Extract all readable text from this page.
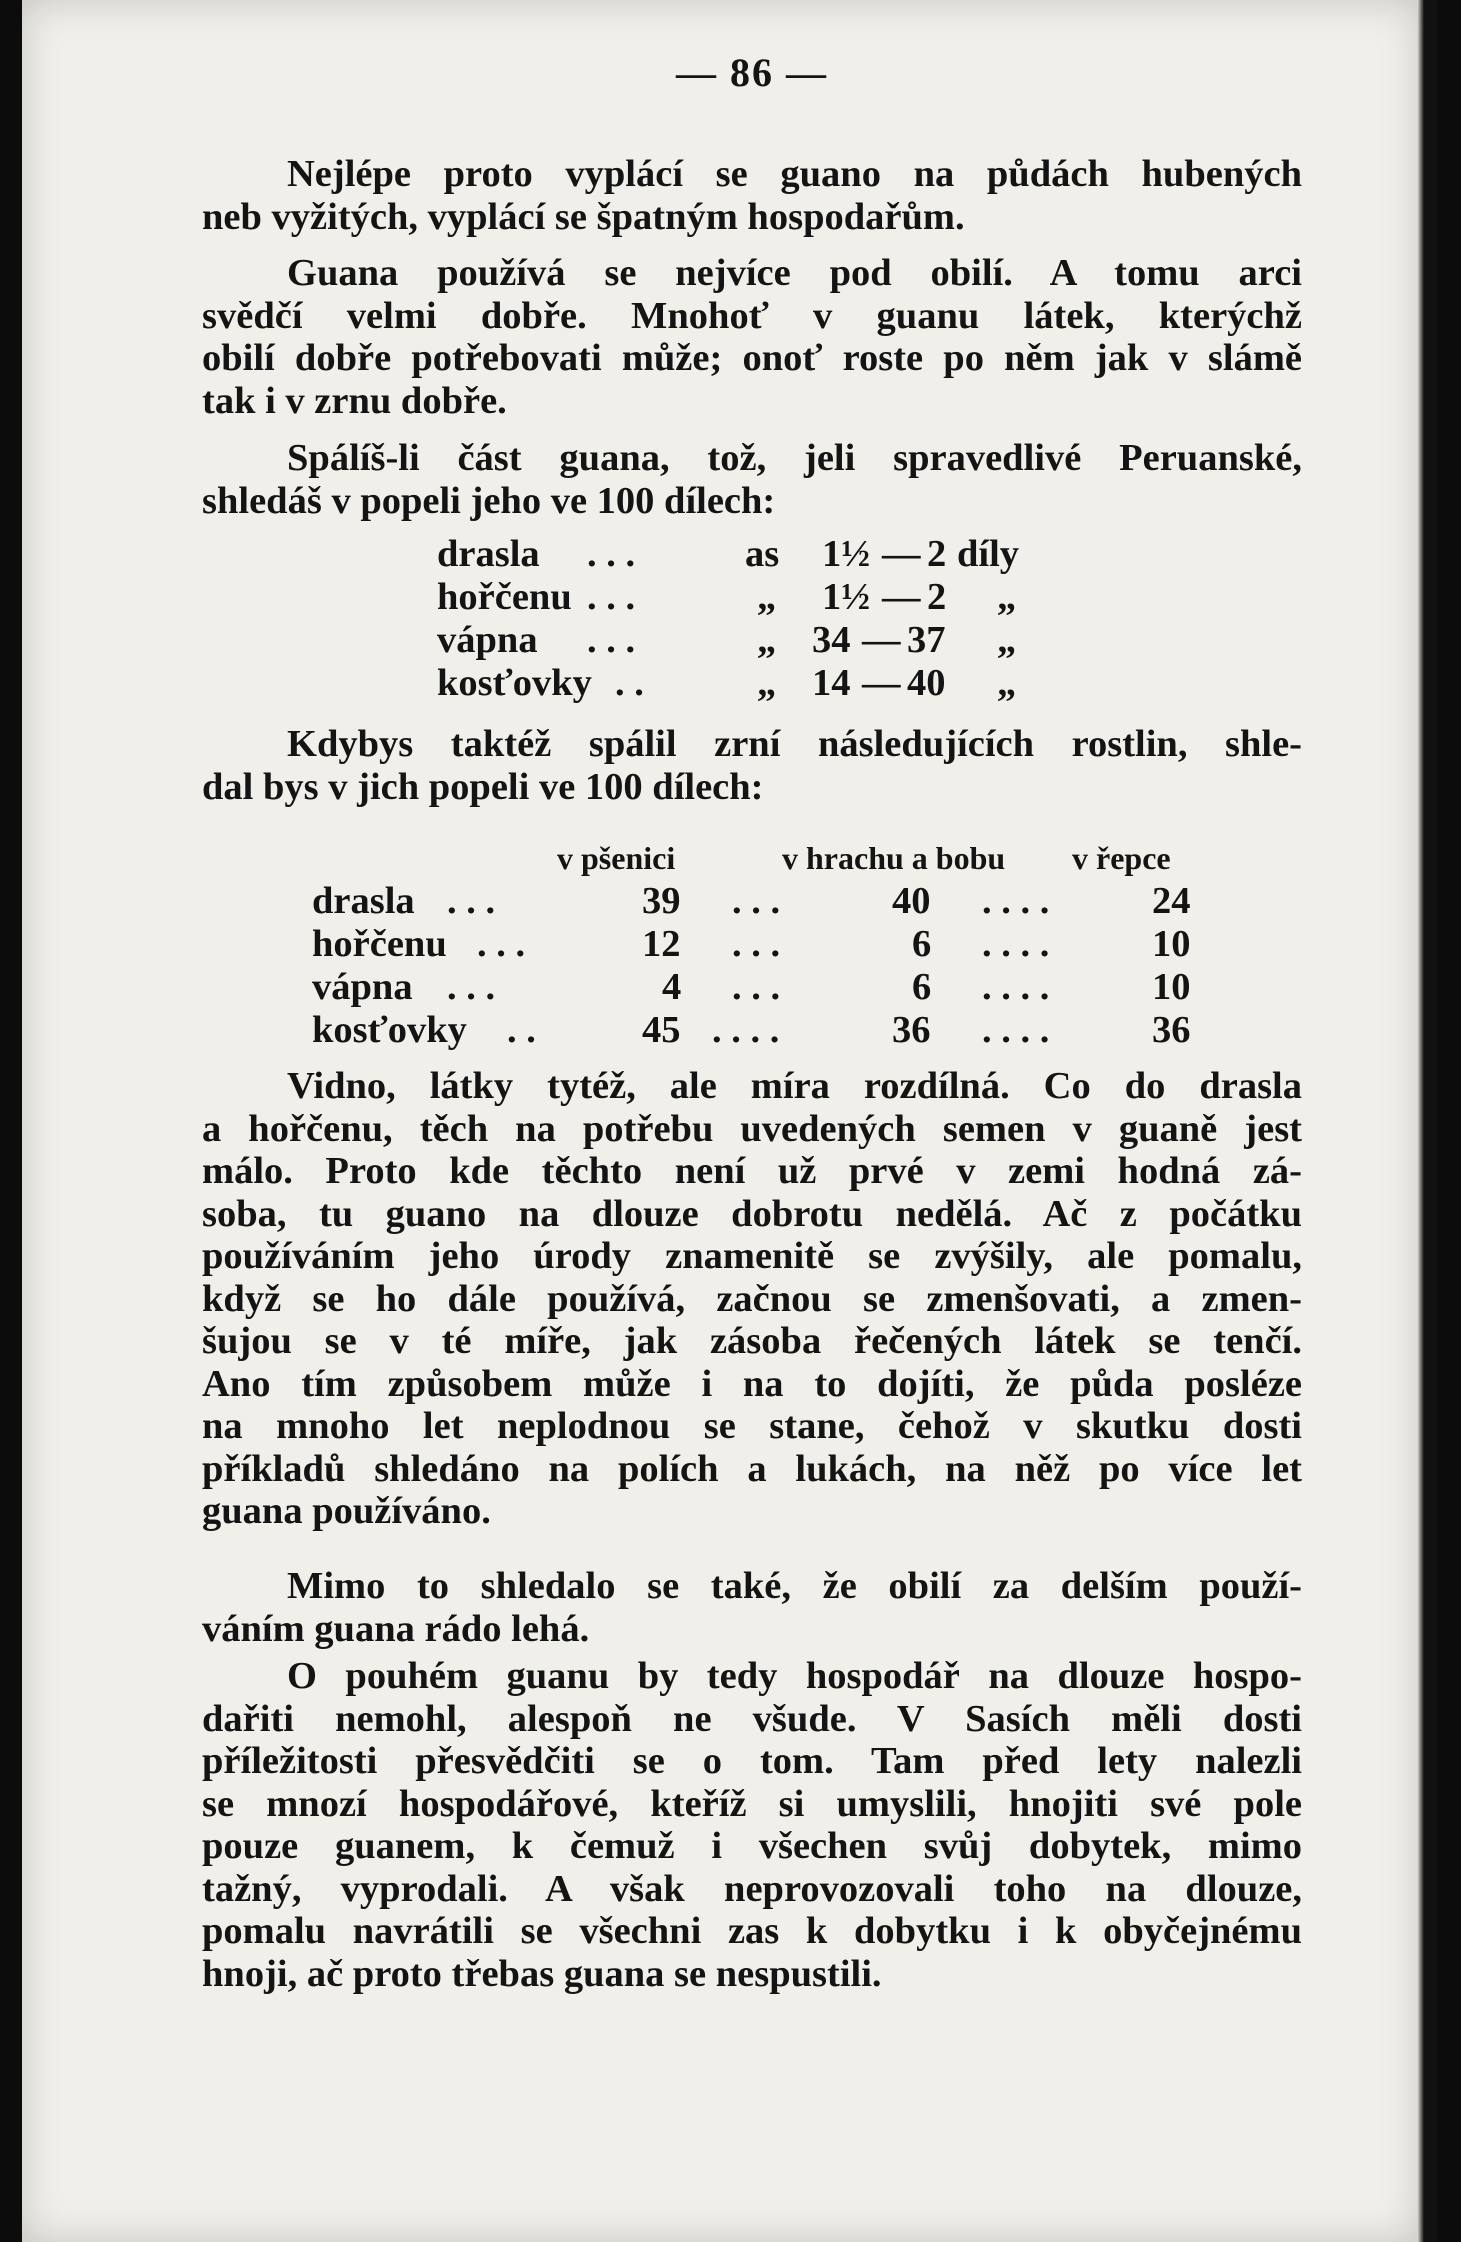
— 86 —
Nejlépe proto vyplácí se guano na půdách hubených
neb vyžitých, vyplácí se špatným hospodařům.
Guana používá se nejvíce pod obilí. A tomu arci
svědčí velmi dobře. Mnohoť v guanu látek, kterýchž
obilí dobře potřebovati může; onoť roste po něm jak v slámě
tak i v zrnu dobře.
Spálíš-li část guana, tož, jeli spravedlivé Peruanské,
shledáš v popeli jeho ve 100 dílech:
drasla . . .	as 1½ — 2 díly
hořčenu . . .	„ 1½ — 2 „
vápna . . .	„ 34 — 37 „
kosťovky . .	„ 14 — 40 „
Kdybys taktéž spálil zrní následujících rostlin, shle-
dal bys v jich popeli ve 100 dílech:
v pšenici	v hrachu a bobu v řepce
drasla . . .	39 . . .	40 . . . .	24
hořčenu . . .	12 . . .	6 . . . .	10
vápna . . .	4 . . .	6 . . . .	10
kosťovky . .	45 . . . .	36 . . . .	36
Vidno, látky tytéž, ale míra rozdílná. Co do drasla
a hořčenu, těch na potřebu uvedených semen v guaně jest
málo. Proto kde těchto není už prvé v zemi hodná zá-
soba, tu guano na dlouze dobrotu nedělá. Ač z počátku
používáním jeho úrody znamenitě se zvýšily, ale pomalu,
když se ho dále používá, začnou se zmenšovati, a zmen-
šujou se v té míře, jak zásoba řečených látek se tenčí.
Ano tím způsobem může i na to dojíti, že půda posléze
na mnoho let neplodnou se stane, čehož v skutku dosti
příkladů shledáno na polích a lukách, na něž po více let
guana používáno.
Mimo to shledalo se také, že obilí za delším použí-
váním guana rádo lehá.
O pouhém guanu by tedy hospodář na dlouze hospo-
dařiti nemohl, alespoň ne všude. V Sasích měli dosti
příležitosti přesvědčiti se o tom. Tam před lety nalezli
se mnozí hospodářové, kteříž si umyslili, hnojiti své pole
pouze guanem, k čemuž i všechen svůj dobytek, mimo
tažný, vyprodali. A však neprovozovali toho na dlouze,
pomalu navrátili se všechni zas k dobytku i k obyčejnému
hnoji, ač proto třebas guana se nespustili.
